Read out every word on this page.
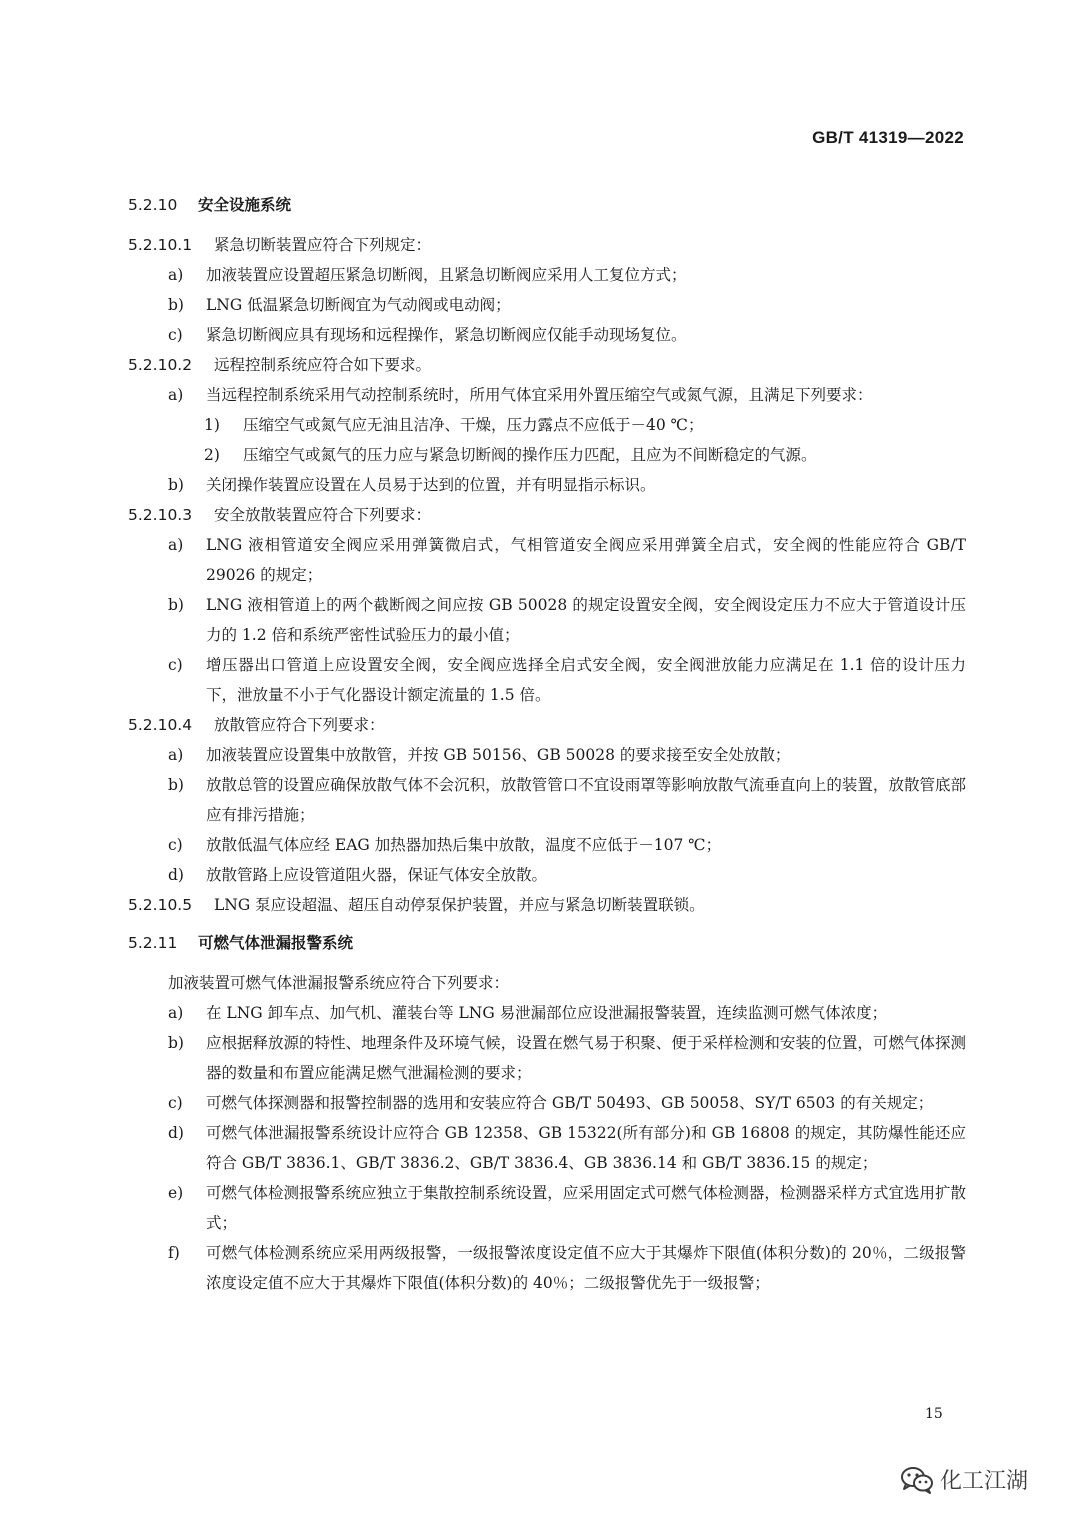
GB/T 41319—2022

5.2.10 安全设施系统
5.2.10.1 紧急切断装置应符合下列规定：
a) 加液装置应设置超压紧急切断阀，且紧急切断阀应采用人工复位方式；
b) LNG 低温紧急切断阀宜为气动阀或电动阀；
c) 紧急切断阀应具有现场和远程操作，紧急切断阀应仅能手动现场复位。
5.2.10.2 远程控制系统应符合如下要求。
a) 当远程控制系统采用气动控制系统时，所用气体宜采用外置压缩空气或氮气源，且满足下列要求：
1) 压缩空气或氮气应无油且洁净、干燥，压力露点不应低于－40 ℃；
2) 压缩空气或氮气的压力应与紧急切断阀的操作压力匹配，且应为不间断稳定的气源。
b) 关闭操作装置应设置在人员易于达到的位置，并有明显指示标识。
5.2.10.3 安全放散装置应符合下列要求：
a) LNG 液相管道安全阀应采用弹簧微启式，气相管道安全阀应采用弹簧全启式，安全阀的性能应符合 GB/T 29026 的规定；
b) LNG 液相管道上的两个截断阀之间应按 GB 50028 的规定设置安全阀，安全阀设定压力不应大于管道设计压力的 1.2 倍和系统严密性试验压力的最小值；
c) 增压器出口管道上应设置安全阀，安全阀应选择全启式安全阀，安全阀泄放能力应满足在 1.1 倍的设计压力下，泄放量不小于气化器设计额定流量的 1.5 倍。
5.2.10.4 放散管应符合下列要求：
a) 加液装置应设置集中放散管，并按 GB 50156、GB 50028 的要求接至安全处放散；
b) 放散总管的设置应确保放散气体不会沉积，放散管管口不宜设雨罩等影响放散气流垂直向上的装置，放散管底部应有排污措施；
c) 放散低温气体应经 EAG 加热器加热后集中放散，温度不应低于－107 ℃；
d) 放散管路上应设管道阻火器，保证气体安全放散。
5.2.10.5 LNG 泵应设超温、超压自动停泵保护装置，并应与紧急切断装置联锁。
5.2.11 可燃气体泄漏报警系统
加液装置可燃气体泄漏报警系统应符合下列要求：
a) 在 LNG 卸车点、加气机、灌装台等 LNG 易泄漏部位应设泄漏报警装置，连续监测可燃气体浓度；
b) 应根据释放源的特性、地理条件及环境气候，设置在燃气易于积聚、便于采样检测和安装的位置，可燃气体探测器的数量和布置应能满足燃气泄漏检测的要求；
c) 可燃气体探测器和报警控制器的选用和安装应符合 GB/T 50493、GB 50058、SY/T 6503 的有关规定；
d) 可燃气体泄漏报警系统设计应符合 GB 12358、GB 15322(所有部分)和 GB 16808 的规定，其防爆性能还应符合 GB/T 3836.1、GB/T 3836.2、GB/T 3836.4、GB 3836.14 和 GB/T 3836.15 的规定；
e) 可燃气体检测报警系统应独立于集散控制系统设置，应采用固定式可燃气体检测器，检测器采样方式宜选用扩散式；
f) 可燃气体检测系统应采用两级报警，一级报警浓度设定值不应大于其爆炸下限值(体积分数)的 20％，二级报警浓度设定值不应大于其爆炸下限值(体积分数)的 40％；二级报警优先于一级报警；

15

化工江湖
